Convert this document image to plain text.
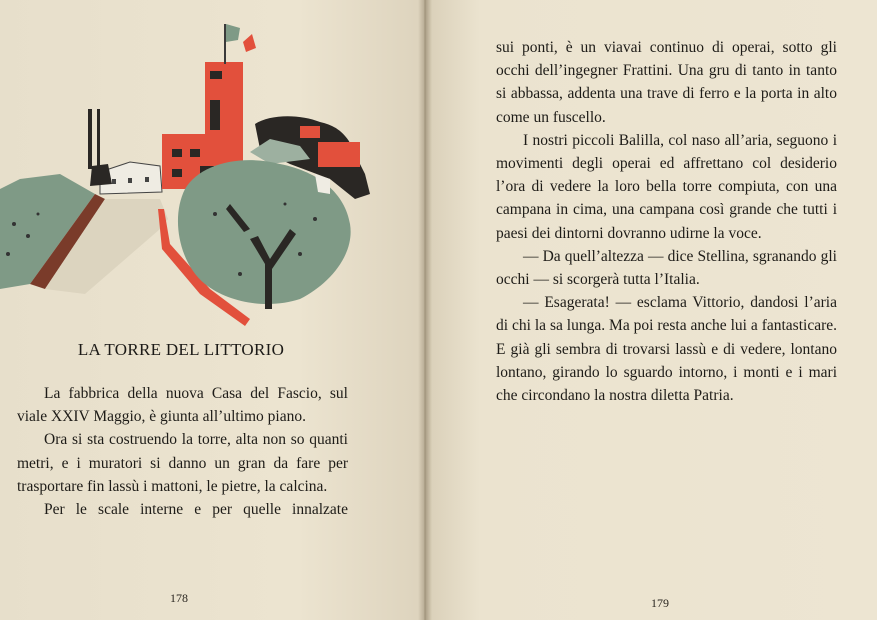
LA TORRE DEL LITTORIO

La fabbrica della nuova Casa del Fascio, sul viale XXIV Maggio, è giunta all’ultimo piano.

Ora si sta costruendo la torre, alta non so quanti metri, e i muratori si danno un gran da fare per trasportare fin lassù i mattoni, le pietre, la calcina.

Per le scale interne e per quelle innalzate

178	179

sui ponti, è un viavai continuo di operai, sotto gli occhi dell’ingegner Frattini. Una gru di tanto in tanto si abbassa, addenta una trave di ferro e la porta in alto come un fuscello.

I nostri piccoli Balilla, col naso all’aria, seguono i movimenti degli operai ed affrettano col desiderio l’ora di vedere la loro bella torre compiuta, con una campana in cima, una campana così grande che tutti i paesi dei dintorni dovranno udirne la voce.

— Da quell’altezza — dice Stellina, sgranando gli occhi — si scorgerà tutta l’Italia.

— Esagerata! — esclama Vittorio, dandosi l’aria di chi la sa lunga. Ma poi resta anche lui a fantasticare. E già gli sembra di trovarsi lassù e di vedere, lontano lontano, girando lo sguardo intorno, i monti e i mari che circondano la nostra diletta Patria.
